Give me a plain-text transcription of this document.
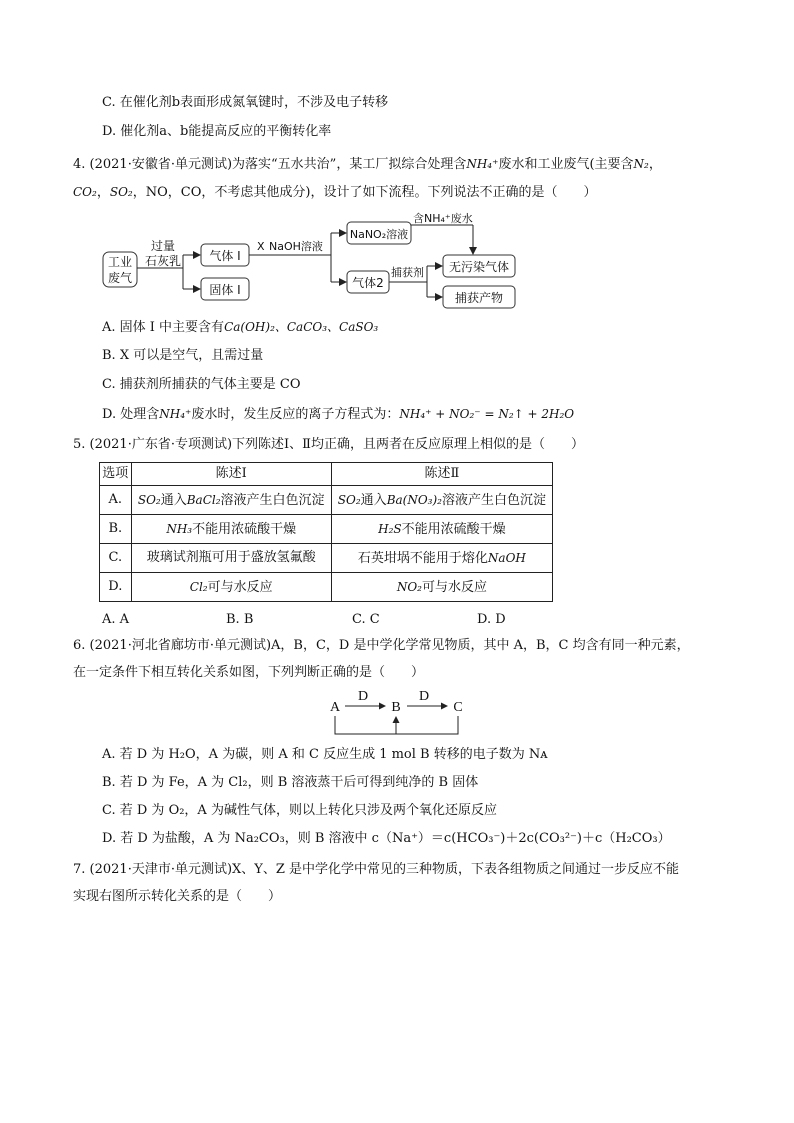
C. 在催化剂b表面形成氮氧键时，不涉及电子转移
D. 催化剂a、b能提高反应的平衡转化率
4. (2021·安徽省·单元测试)为落实“五水共治”，某工厂拟综合处理含NH₄⁺废水和工业废气(主要含N₂，
CO₂，SO₂，NO，CO，不考虑其他成分)，设计了如下流程。下列说法不正确的是（　　）
工业
废气
过量
石灰乳 气体 I
固体 I
X NaOH溶液
NaNO₂溶液
含NH₄⁺废水
气体2
捕获剂 无污染气体
捕获产物
A. 固体 I 中主要含有Ca(OH)₂、CaCO₃、CaSO₃
B. X 可以是空气，且需过量
C. 捕获剂所捕获的气体主要是 CO
D. 处理含NH₄⁺废水时，发生反应的离子方程式为：NH₄⁺ + NO₂⁻ = N₂↑ + 2H₂O
5. (2021·广东省·专项测试)下列陈述Ⅰ、Ⅱ均正确，且两者在反应原理上相似的是（　　）
选项	陈述Ⅰ	陈述Ⅱ
A.	SO₂通入BaCl₂溶液产生白色沉淀	SO₂通入Ba(NO₃)₂溶液产生白色沉淀
B.	NH₃不能用浓硫酸干燥	H₂S不能用浓硫酸干燥
C.	玻璃试剂瓶可用于盛放氢氟酸	石英坩埚不能用于熔化NaOH
D.	Cl₂可与水反应	NO₂可与水反应
A. A	B. B	C. C	D. D
6. (2021·河北省廊坊市·单元测试)A，B，C，D 是中学化学常见物质，其中 A，B，C 均含有同一种元素，
在一定条件下相互转化关系如图，下列判断正确的是（　　）
A	B	C
D	D
A. 若 D 为 H₂O，A 为碳，则 A 和 C 反应生成 1 mol B 转移的电子数为 Nᴀ
B. 若 D 为 Fe，A 为 Cl₂，则 B 溶液蒸干后可得到纯净的 B 固体
C. 若 D 为 O₂，A 为碱性气体，则以上转化只涉及两个氧化还原反应
D. 若 D 为盐酸，A 为 Na₂CO₃，则 B 溶液中 c（Na⁺）＝c(HCO₃⁻)＋2c(CO₃²⁻)＋c（H₂CO₃）
7. (2021·天津市·单元测试)X、Y、Z 是中学化学中常见的三种物质，下表各组物质之间通过一步反应不能
实现右图所示转化关系的是（　　）
